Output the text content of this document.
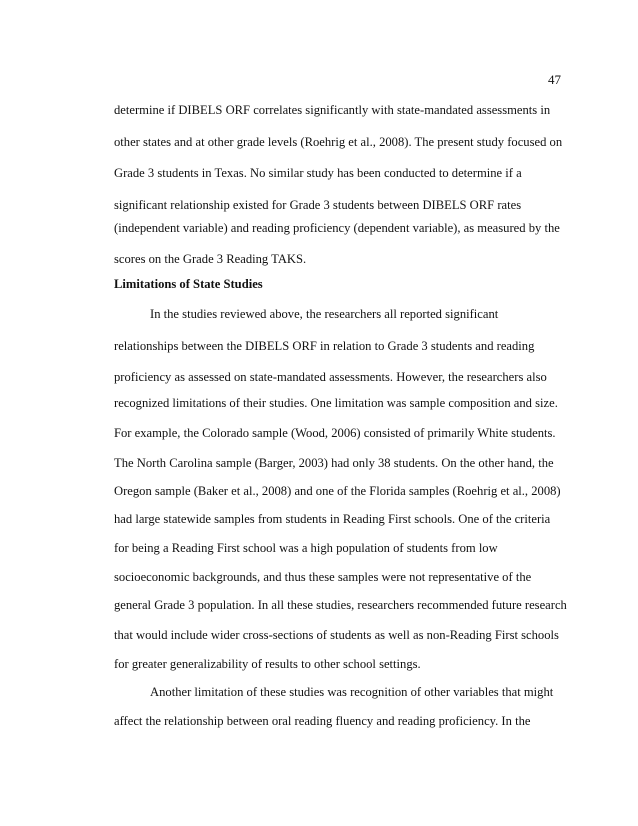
47
determine if DIBELS ORF correlates significantly with state-mandated assessments in
other states and at other grade levels (Roehrig et al., 2008). The present study focused on
Grade 3 students in Texas. No similar study has been conducted to determine if a
significant relationship existed for Grade 3 students between DIBELS ORF rates
(independent variable) and reading proficiency (dependent variable), as measured by the
scores on the Grade 3 Reading TAKS.
Limitations of State Studies
In the studies reviewed above, the researchers all reported significant
relationships between the DIBELS ORF in relation to Grade 3 students and reading
proficiency as assessed on state-mandated assessments. However, the researchers also
recognized limitations of their studies. One limitation was sample composition and size.
For example, the Colorado sample (Wood, 2006) consisted of primarily White students.
The North Carolina sample (Barger, 2003) had only 38 students. On the other hand, the
Oregon sample (Baker et al., 2008) and one of the Florida samples (Roehrig et al., 2008)
had large statewide samples from students in Reading First schools. One of the criteria
for being a Reading First school was a high population of students from low
socioeconomic backgrounds, and thus these samples were not representative of the
general Grade 3 population. In all these studies, researchers recommended future research
that would include wider cross-sections of students as well as non-Reading First schools
for greater generalizability of results to other school settings.
Another limitation of these studies was recognition of other variables that might
affect the relationship between oral reading fluency and reading proficiency. In the
